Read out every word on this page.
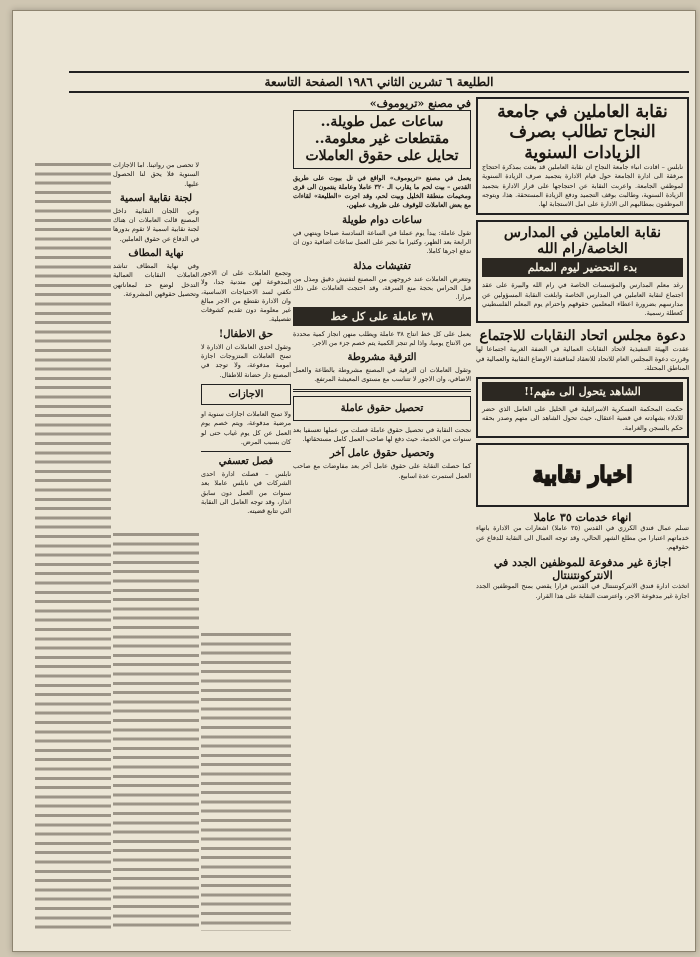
الطليعة ٦ تشرين الثاني ١٩٨٦ الصفحة التاسعة
نقابة العاملين في جامعة النجاح تطالب بصرف الزيادات السنوية
نابلس – افادت انباء جامعة النجاح ان نقابة العاملين قد بعثت بمذكرة احتجاج مرفقة الى ادارة الجامعة حول قيام الادارة بتجميد صرف الزيادة السنوية لموظفي الجامعة. واعربت النقابة عن احتجاجها على قرار الادارة بتجميد الزيادة السنوية، وطالبت بوقف التجميد ودفع الزيادة المستحقة. هذا، ويتوجه الموظفون بمطالبهم الى الادارة على امل الاستجابة لها.
نقابة العاملين في المدارس الخاصة/رام الله
بدء التحضير ليوم المعلم
رغد معلم المدارس والمؤسسات الخاصة في رام الله والبيرة على عقد اجتماع لنقابة العاملين في المدارس الخاصة وابلغت النقابة المسؤولين عن مدارسهم بضرورة اعطاء المعلمين حقوقهم واحترام يوم المعلم الفلسطيني كعطلة رسمية.
دعوة مجلس اتحاد النقابات للاجتماع
عقدت الهيئة التنفيذية لاتحاد النقابات العمالية في الضفة الغربية اجتماعا لها وقررت دعوة المجلس العام للاتحاد للانعقاد لمناقشة الاوضاع النقابية والعمالية في المناطق المحتلة.
الشاهد يتحول الى متهم!!
حكمت المحكمة العسكرية الاسرائيلية في الخليل على العامل الذي حضر للادلاء بشهادته في قضية اعتقال، حيث تحول الشاهد الى متهم وصدر بحقه حكم بالسجن والغرامة.
اخبار نقابية
انهاء خدمات ٣٥ عاملا
تسلم عمال فندق الكرزي في القدس (٣٥ عاملا) اشعارات من الادارة بانهاء خدماتهم اعتبارا من مطلع الشهر الحالي، وقد توجه العمال الى النقابة للدفاع عن حقوقهم.
اجازة غير مدفوعة للموظفين الجدد في الانتركونتننتال
اتخذت ادارة فندق الانتركونتننتال في القدس قرارا يقضي بمنح الموظفين الجدد اجازة غير مدفوعة الاجر، واعترضت النقابة على هذا القرار.
في مصنع «تريوموف»
ساعات عمل طويلة.. مقتطعات غير معلومة.. تحايل على حقوق العاملات
يعمل في مصنع «تريوموف» الواقع في تل بيوت على طريق القدس – بيت لحم ما يقارب الـ ٣٢٠ عاملا وعاملة ينتمون الى قرى ومخيمات منطقة الخليل وبيت لحم، وقد اجرت «الطليعة» لقاءات مع بعض العاملات للوقوف على ظروف عملهن.
ساعات دوام طويلة
تقول عاملة: يبدأ يوم عملنا في الساعة السادسة صباحا وينتهي في الرابعة بعد الظهر، وكثيرا ما نجبر على العمل ساعات اضافية دون ان ندفع اجرها كاملا.
تفتيشات مذلة
وتتعرض العاملات عند خروجهن من المصنع لتفتيش دقيق ومذل من قبل الحراس بحجة منع السرقة، وقد احتجت العاملات على ذلك مرارا.
٣٨ عاملة على كل خط
يعمل على كل خط انتاج ٣٨ عاملة ويطلب منهن انجاز كمية محددة من الانتاج يوميا، واذا لم تنجز الكمية يتم خصم جزء من الاجر.
الترقية مشروطة
وتقول العاملات ان الترقية في المصنع مشروطة بالطاعة والعمل الاضافي، وان الاجور لا تتناسب مع مستوى المعيشة المرتفع.
تحصيل حقوق عاملة
نجحت النقابة في تحصيل حقوق عاملة فصلت من عملها تعسفيا بعد سنوات من الخدمة، حيث دفع لها صاحب العمل كامل مستحقاتها.
وتحصيل حقوق عامل آخر
كما حصلت النقابة على حقوق عامل آخر بعد مفاوضات مع صاحب العمل استمرت عدة اسابيع.
وتجمع العاملات على ان الاجور المدفوعة لهن متدنية جدا، ولا تكفي لسد الاحتياجات الاساسية، وان الادارة تقتطع من الاجر مبالغ غير معلومة دون تقديم كشوفات تفصيلية.
حق الاطفال!
وتقول احدى العاملات ان الادارة لا تمنح العاملات المتزوجات اجازة امومة مدفوعة، ولا توجد في المصنع دار حضانة للاطفال.
الاجازات
ولا تمنح العاملات اجازات سنوية او مرضية مدفوعة، ويتم خصم يوم العمل عن كل يوم غياب حتى لو كان بسبب المرض.
فصل تعسفي
نابلس – فصلت ادارة احدى الشركات في نابلس عاملا بعد سنوات من العمل دون سابق انذار، وقد توجه العامل الى النقابة التي تتابع قضيته.
لا تحصى من رواتبنا. اما الاجازات السنوية فلا يحق لنا الحصول عليها.
لجنة نقابية اسمية
وعن اللجان النقابية داخل المصنع قالت العاملات ان هناك لجنة نقابية اسمية لا تقوم بدورها في الدفاع عن حقوق العاملين.
نهاية المطاف
وفي نهاية المطاف تناشد العاملات النقابات العمالية التدخل لوضع حد لمعاناتهن وتحصيل حقوقهن المشروعة.
